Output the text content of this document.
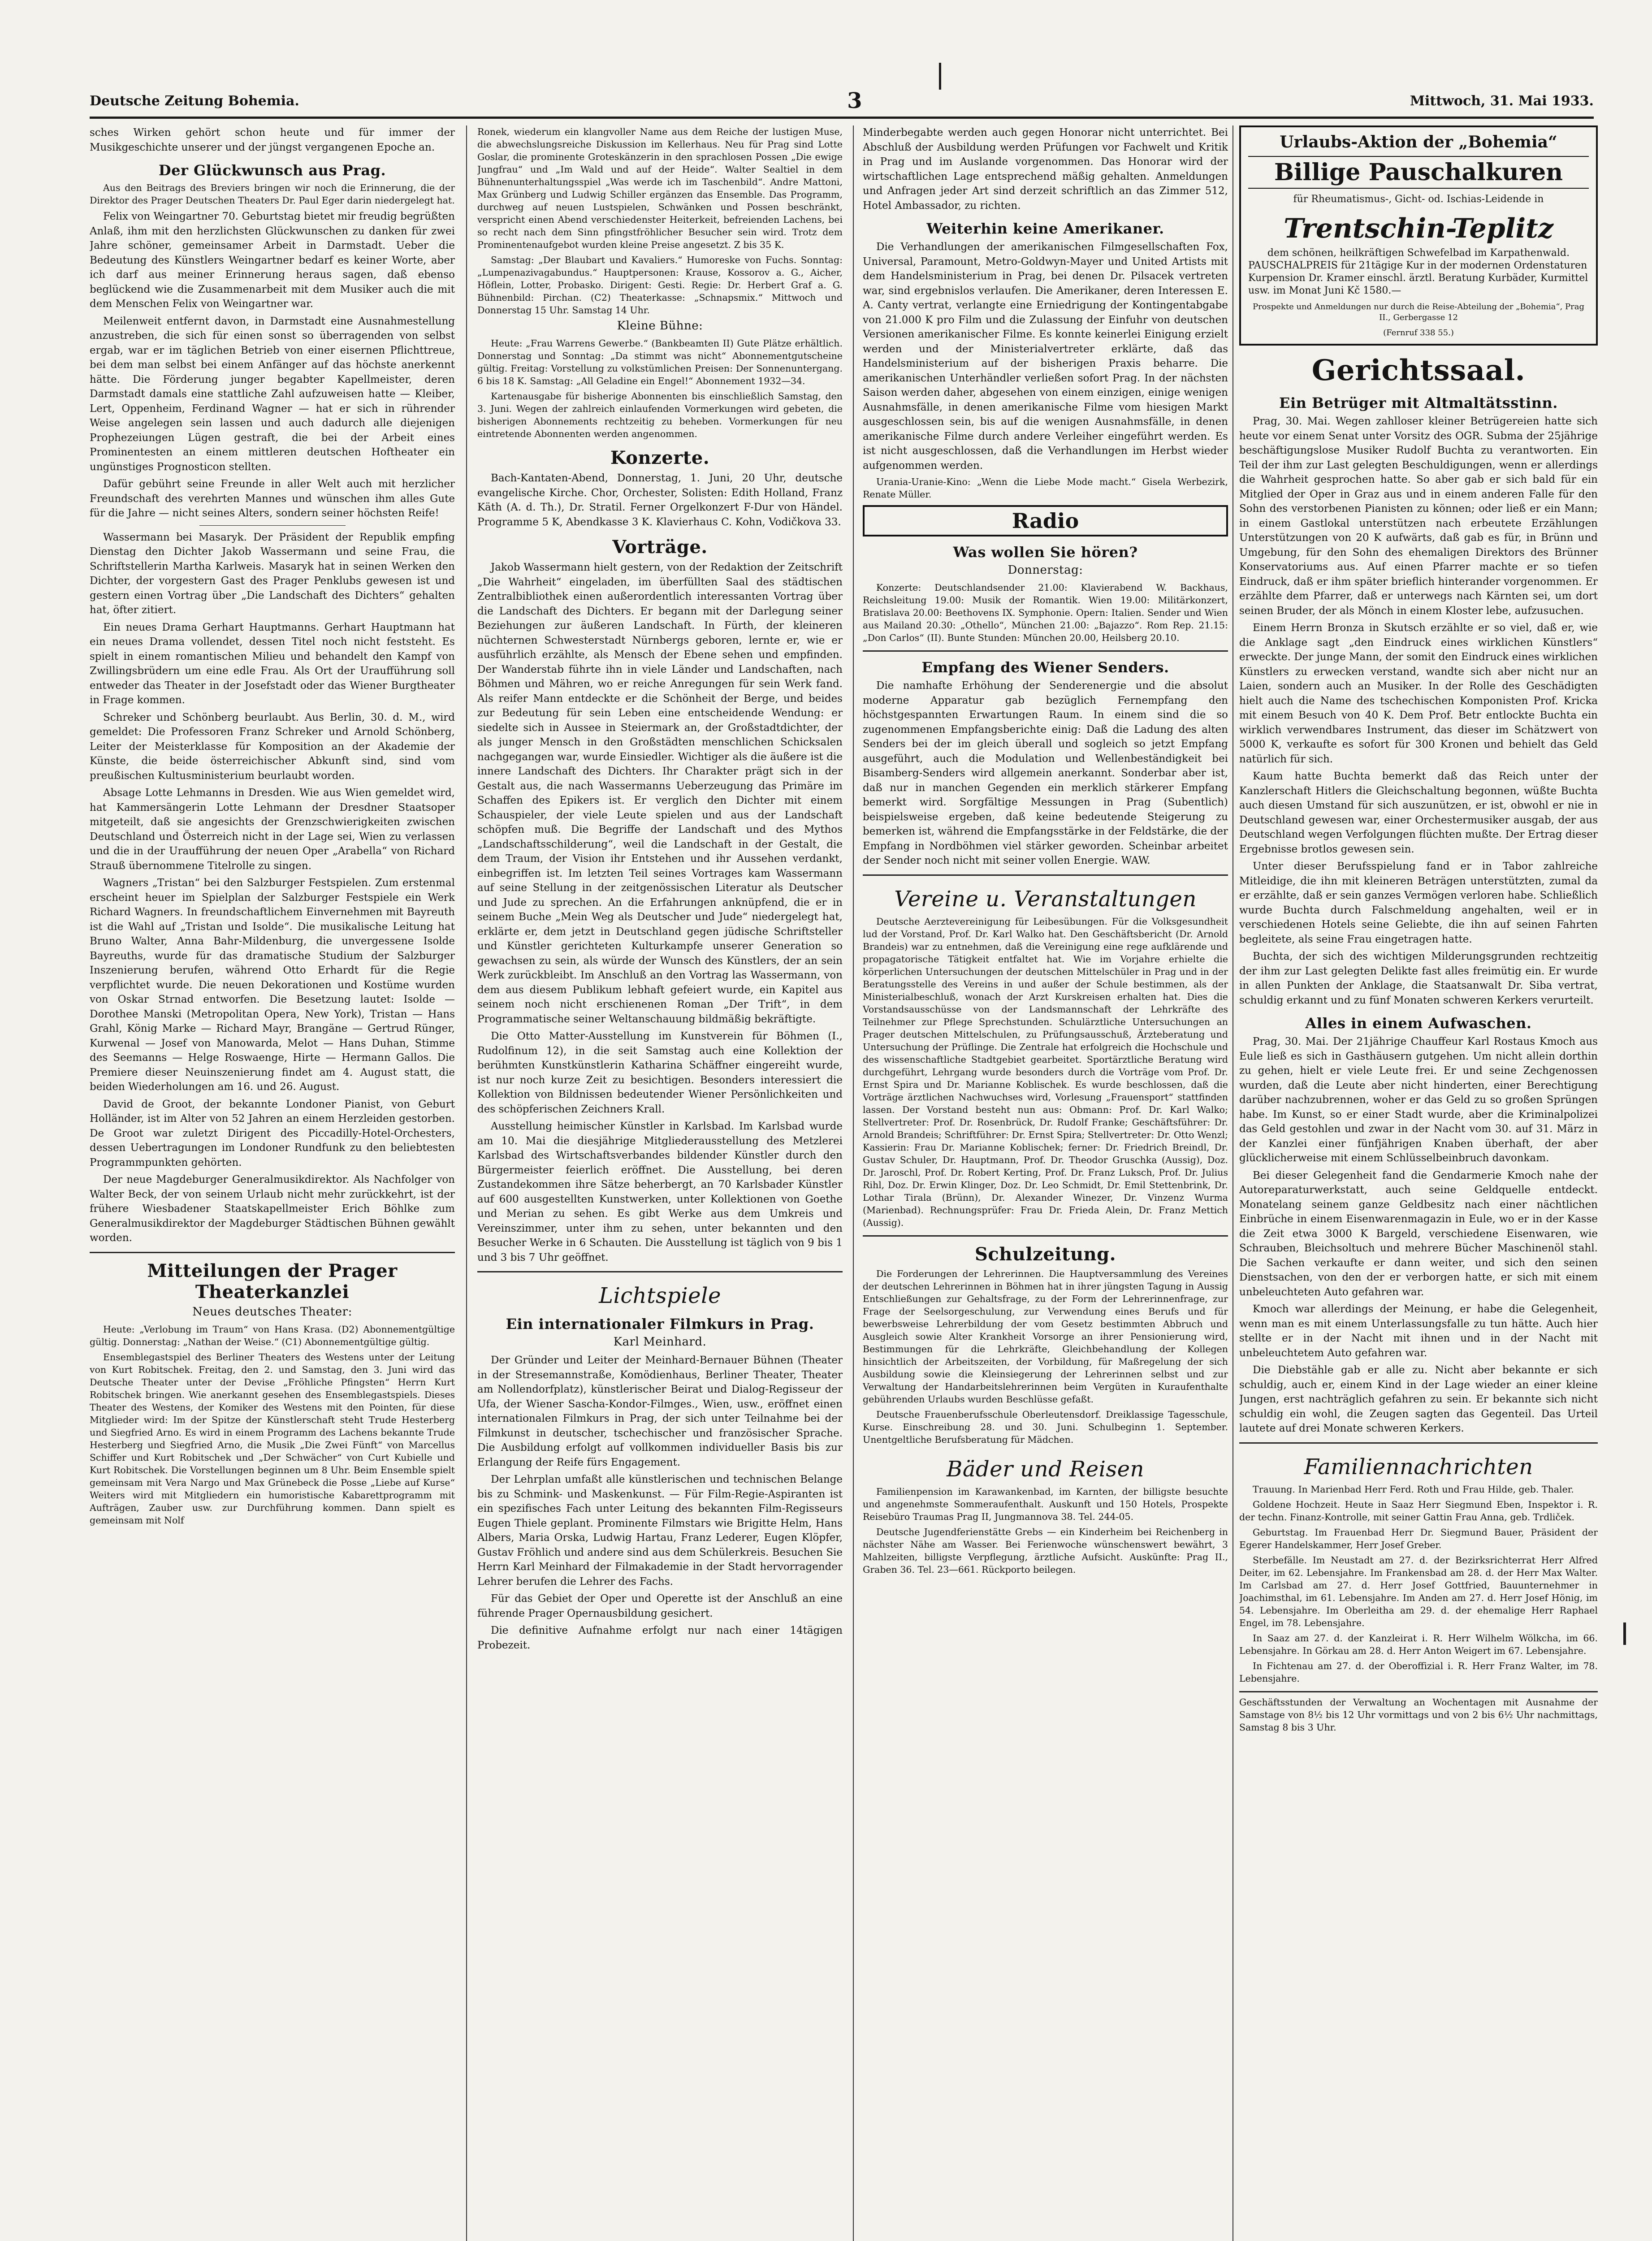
Deutsche Zeitung Bohemia.	3	Mittwoch, 31. Mai 1933.

sches Wirken gehört schon heute und für immer der Musikgeschichte unserer und der jüngst vergangenen Epoche an.

Der Glückwunsch aus Prag.

Aus den Beitrags des Breviers bringen wir noch die Erinnerung, die der Direktor des Prager Deutschen Theaters Dr. Paul Eger darin niedergelegt hat.

Felix von Weingartner 70. Geburtstag bietet mir freudig begrüßten Anlaß, ihm mit den herzlichsten Glückwunschen zu danken für zwei Jahre schöner, gemeinsamer Arbeit in Darmstadt. Ueber die Bedeutung des Künstlers Weingartner bedarf es keiner Worte, aber ich darf aus meiner Erinnerung heraus sagen, daß ebenso beglückend wie die Zusammenarbeit mit dem Musiker auch die mit dem Menschen Felix von Weingartner war.

Meilenweit entfernt davon, in Darmstadt eine Ausnahmestellung anzustreben, die sich für einen sonst so überragenden von selbst ergab, war er im täglichen Betrieb von einer eisernen Pflichttreue, bei dem man selbst bei einem Anfänger auf das höchste anerkennt hätte. Die Förderung junger begabter Kapellmeister, deren Darmstadt damals eine stattliche Zahl aufzuweisen hatte — Kleiber, Lert, Oppenheim, Ferdinand Wagner — hat er sich in rührender Weise angelegen sein lassen und auch dadurch alle diejenigen Prophezeiungen Lügen gestraft, die bei der Arbeit eines Prominentesten an einem mittleren deutschen Hoftheater ein ungünstiges Prognosticon stellten.

Dafür gebührt seine Freunde in aller Welt auch mit herzlicher Freundschaft des verehrten Mannes und wünschen ihm alles Gute für die Jahre — nicht seines Alters, sondern seiner höchsten Reife!

Wassermann bei Masaryk. Der Präsident der Republik empfing Dienstag den Dichter Jakob Wassermann und seine Frau, die Schriftstellerin Martha Karlweis. Masaryk hat in seinen Werken den Dichter, der vorgestern Gast des Prager Penklubs gewesen ist und gestern einen Vortrag über „Die Landschaft des Dichters“ gehalten hat, öfter zitiert.

Ein neues Drama Gerhart Hauptmanns. Gerhart Hauptmann hat ein neues Drama vollendet, dessen Titel noch nicht feststeht. Es spielt in einem romantischen Milieu und behandelt den Kampf von Zwillingsbrüdern um eine edle Frau. Als Ort der Uraufführung soll entweder das Theater in der Josefstadt oder das Wiener Burgtheater in Frage kommen.

Schreker und Schönberg beurlaubt. Aus Berlin, 30. d. M., wird gemeldet: Die Professoren Franz Schreker und Arnold Schönberg, Leiter der Meisterklasse für Komposition an der Akademie der Künste, die beide österreichischer Abkunft sind, sind vom preußischen Kultusministerium beurlaubt worden.

Absage Lotte Lehmanns in Dresden. Wie aus Wien gemeldet wird, hat Kammersängerin Lotte Lehmann der Dresdner Staatsoper mitgeteilt, daß sie angesichts der Grenzschwierigkeiten zwischen Deutschland und Österreich nicht in der Lage sei, Wien zu verlassen und die in der Uraufführung der neuen Oper „Arabella“ von Richard Strauß übernommene Titelrolle zu singen.

Wagners „Tristan“ bei den Salzburger Festspielen. Zum erstenmal erscheint heuer im Spielplan der Salzburger Festspiele ein Werk Richard Wagners. In freundschaftlichem Einvernehmen mit Bayreuth ist die Wahl auf „Tristan und Isolde“. Die musikalische Leitung hat Bruno Walter, Anna Bahr-Mildenburg, die unvergessene Isolde Bayreuths, wurde für das dramatische Studium der Salzburger Inszenierung berufen, während Otto Erhardt für die Regie verpflichtet wurde. Die neuen Dekorationen und Kostüme wurden von Oskar Strnad entworfen. Die Besetzung lautet: Isolde — Dorothee Manski (Metropolitan Opera, New York), Tristan — Hans Grahl, König Marke — Richard Mayr, Brangäne — Gertrud Rünger, Kurwenal — Josef von Manowarda, Melot — Hans Duhan, Stimme des Seemanns — Helge Roswaenge, Hirte — Hermann Gallos. Die Premiere dieser Neuinszenierung findet am 4. August statt, die beiden Wiederholungen am 16. und 26. August.

David de Groot, der bekannte Londoner Pianist, von Geburt Holländer, ist im Alter von 52 Jahren an einem Herzleiden gestorben. De Groot war zuletzt Dirigent des Piccadilly-Hotel-Orchesters, dessen Uebertragungen im Londoner Rundfunk zu den beliebtesten Programmpunkten gehörten.

Der neue Magdeburger Generalmusikdirektor. Als Nachfolger von Walter Beck, der von seinem Urlaub nicht mehr zurückkehrt, ist der frühere Wiesbadener Staatskapellmeister Erich Böhlke zum Generalmusikdirektor der Magdeburger Städtischen Bühnen gewählt worden.

Mitteilungen der Prager Theaterkanzlei
Neues deutsches Theater:

Heute: „Verlobung im Traum“ von Hans Krasa. (D2) Abonnementgültige gültig. Donnerstag: „Nathan der Weise.“ (C1) Abonnementgültige gültig.

Ensemblegastspiel des Berliner Theaters des Westens unter der Leitung von Kurt Robitschek. Freitag, den 2. und Samstag, den 3. Juni wird das Deutsche Theater unter der Devise „Fröhliche Pfingsten“ Herrn Kurt Robitschek bringen. Wie anerkannt gesehen des Ensemblegastspiels. Dieses Theater des Westens, der Komiker des Westens mit den Pointen, für diese Mitglieder wird: Im der Spitze der Künstlerschaft steht Trude Hesterberg und Siegfried Arno. Es wird in einem Programm des Lachens bekannte Trude Hesterberg und Siegfried Arno, die Musik „Die Zwei Fünft“ von Marcellus Schiffer und Kurt Robitschek und „Der Schwächer“ von Curt Kubielle und Kurt Robitschek. Die Vorstellungen beginnen um 8 Uhr. Beim Ensemble spielt gemeinsam mit Vera Nargo und Max Grünebeck die Posse „Liebe auf Kurse“ Weiters wird mit Mitgliedern ein humoristische Kabarettprogramm mit Aufträgen, Zauber usw. zur Durchführung kommen. Dann spielt es gemeinsam mit Nolf

Ronek, wiederum ein klangvoller Name aus dem Reiche der lustigen Muse, die abwechslungsreiche Diskussion im Kellerhaus. Neu für Prag sind Lotte Goslar, die prominente Groteskänzerin in den sprachlosen Possen „Die ewige Jungfrau“ und „Im Wald und auf der Heide“. Walter Sealtiel in dem Bühnenunterhaltungsspiel „Was werde ich im Taschenbild“. Andre Mattoni, Max Grünberg und Ludwig Schiller ergänzen das Ensemble. Das Programm, durchweg auf neuen Lustspielen, Schwänken und Possen beschränkt, verspricht einen Abend verschiedenster Heiterkeit, befreienden Lachens, bei so recht nach dem Sinn pfingstfröhlicher Besucher sein wird. Trotz dem Prominentenaufgebot wurden kleine Preise angesetzt. Z bis 35 K.

Samstag: „Der Blaubart und Kavaliers.“ Humoreske von Fuchs. Sonntag: „Lumpenazivagabundus.“ Hauptpersonen: Krause, Kossorov a. G., Aicher, Höflein, Lotter, Probasko. Dirigent: Gesti. Regie: Dr. Herbert Graf a. G. Bühnenbild: Pirchan. (C2) Theaterkasse: „Schnapsmix.“ Mittwoch und Donnerstag 15 Uhr. Samstag 14 Uhr.

Kleine Bühne:

Heute: „Frau Warrens Gewerbe.“ (Bankbeamten II) Gute Plätze erhältlich. Donnerstag und Sonntag: „Da stimmt was nicht“ Abonnementgutscheine gültig. Freitag: Vorstellung zu volkstümlichen Preisen: Der Sonnenuntergang. 6 bis 18 K. Samstag: „All Geladine ein Engel!“ Abonnement 1932—34.

Kartenausgabe für bisherige Abonnenten bis einschließlich Samstag, den 3. Juni. Wegen der zahlreich einlaufenden Vormerkungen wird gebeten, die bisherigen Abonnements rechtzeitig zu beheben. Vormerkungen für neu eintretende Abonnenten werden angenommen.

Konzerte.

Bach-Kantaten-Abend, Donnerstag, 1. Juni, 20 Uhr, deutsche evangelische Kirche. Chor, Orchester, Solisten: Edith Holland, Franz Käth (A. d. Th.), Dr. Stratil. Ferner Orgelkonzert F-Dur von Händel. Programme 5 K, Abendkasse 3 K. Klavierhaus C. Kohn, Vodičkova 33.

Vorträge.

Jakob Wassermann hielt gestern, von der Redaktion der Zeitschrift „Die Wahrheit“ eingeladen, im überfüllten Saal des städtischen Zentralbibliothek einen außerordentlich interessanten Vortrag über die Landschaft des Dichters. Er begann mit der Darlegung seiner Beziehungen zur äußeren Landschaft. In Fürth, der kleineren nüchternen Schwesterstadt Nürnbergs geboren, lernte er, wie er ausführlich erzählte, als Mensch der Ebene sehen und empfinden. Der Wanderstab führte ihn in viele Länder und Landschaften, nach Böhmen und Mähren, wo er reiche Anregungen für sein Werk fand. Als reifer Mann entdeckte er die Schönheit der Berge, und beides zur Bedeutung für sein Leben eine entscheidende Wendung: er siedelte sich in Aussee in Steiermark an, der Großstadtdichter, der als junger Mensch in den Großstädten menschlichen Schicksalen nachgegangen war, wurde Einsiedler. Wichtiger als die äußere ist die innere Landschaft des Dichters. Ihr Charakter prägt sich in der Gestalt aus, die nach Wassermanns Ueberzeugung das Primäre im Schaffen des Epikers ist. Er verglich den Dichter mit einem Schauspieler, der viele Leute spielen und aus der Landschaft schöpfen muß. Die Begriffe der Landschaft und des Mythos „Landschaftsschilderung“, weil die Landschaft in der Gestalt, die dem Traum, der Vision ihr Entstehen und ihr Aussehen verdankt, einbegriffen ist. Im letzten Teil seines Vortrages kam Wassermann auf seine Stellung in der zeitgenössischen Literatur als Deutscher und Jude zu sprechen. An die Erfahrungen anknüpfend, die er in seinem Buche „Mein Weg als Deutscher und Jude“ niedergelegt hat, erklärte er, dem jetzt in Deutschland gegen jüdische Schriftsteller und Künstler gerichteten Kulturkampfe unserer Generation so gewachsen zu sein, als würde der Wunsch des Künstlers, der an sein Werk zurückbleibt. Im Anschluß an den Vortrag las Wassermann, von dem aus diesem Publikum lebhaft gefeiert wurde, ein Kapitel aus seinem noch nicht erschienenen Roman „Der Trift“, in dem Programmatische seiner Weltanschauung bildmäßig bekräftigte.

Die Otto Matter-Ausstellung im Kunstverein für Böhmen (I., Rudolfinum 12), in die seit Samstag auch eine Kollektion der berühmten Kunstkünstlerin Katharina Schäffner eingereiht wurde, ist nur noch kurze Zeit zu besichtigen. Besonders interessiert die Kollektion von Bildnissen bedeutender Wiener Persönlichkeiten und des schöpferischen Zeichners Krall.

Ausstellung heimischer Künstler in Karlsbad. Im Karlsbad wurde am 10. Mai die diesjährige Mitgliederausstellung des Metzlerei Karlsbad des Wirtschaftsverbandes bildender Künstler durch den Bürgermeister feierlich eröffnet. Die Ausstellung, bei deren Zustandekommen ihre Sätze beherbergt, an 70 Karlsbader Künstler auf 600 ausgestellten Kunstwerken, unter Kollektionen von Goethe und Merian zu sehen. Es gibt Werke aus dem Umkreis und Vereinszimmer, unter ihm zu sehen, unter bekannten und den Besucher Werke in 6 Schauten. Die Ausstellung ist täglich von 9 bis 1 und 3 bis 7 Uhr geöffnet.

Lichtspiele
Ein internationaler Filmkurs in Prag.
Karl Meinhard.

Der Gründer und Leiter der Meinhard-Bernauer Bühnen (Theater in der Stresemannstraße, Komödienhaus, Berliner Theater, Theater am Nollendorfplatz), künstlerischer Beirat und Dialog-Regisseur der Ufa, der Wiener Sascha-Kondor-Filmges., Wien, usw., eröffnet einen internationalen Filmkurs in Prag, der sich unter Teilnahme bei der Filmkunst in deutscher, tschechischer und französischer Sprache. Die Ausbildung erfolgt auf vollkommen individueller Basis bis zur Erlangung der Reife fürs Engagement.

Der Lehrplan umfaßt alle künstlerischen und technischen Belange bis zu Schmink- und Maskenkunst. — Für Film-Regie-Aspiranten ist ein spezifisches Fach unter Leitung des bekannten Film-Regisseurs Eugen Thiele geplant. Prominente Filmstars wie Brigitte Helm, Hans Albers, Maria Orska, Ludwig Hartau, Franz Lederer, Eugen Klöpfer, Gustav Fröhlich und andere sind aus dem Schülerkreis. Besuchen Sie Herrn Karl Meinhard der Filmakademie in der Stadt hervorragender Lehrer berufen die Lehrer des Fachs.

Für das Gebiet der Oper und Operette ist der Anschluß an eine führende Prager Opernausbildung gesichert.

Die definitive Aufnahme erfolgt nur nach einer 14tägigen Probezeit.

Minderbegabte werden auch gegen Honorar nicht unterrichtet. Bei Abschluß der Ausbildung werden Prüfungen vor Fachwelt und Kritik in Prag und im Auslande vorgenommen. Das Honorar wird der wirtschaftlichen Lage entsprechend mäßig gehalten. Anmeldungen und Anfragen jeder Art sind derzeit schriftlich an das Zimmer 512, Hotel Ambassador, zu richten.

Weiterhin keine Amerikaner.

Die Verhandlungen der amerikanischen Filmgesellschaften Fox, Universal, Paramount, Metro-Goldwyn-Mayer und United Artists mit dem Handelsministerium in Prag, bei denen Dr. Pilsacek vertreten war, sind ergebnislos verlaufen. Die Amerikaner, deren Interessen E. A. Canty vertrat, verlangte eine Erniedrigung der Kontingentabgabe von 21.000 K pro Film und die Zulassung der Einfuhr von deutschen Versionen amerikanischer Filme. Es konnte keinerlei Einigung erzielt werden und der Ministerialvertreter erklärte, daß das Handelsministerium auf der bisherigen Praxis beharre. Die amerikanischen Unterhändler verließen sofort Prag. In der nächsten Saison werden daher, abgesehen von einem einzigen, einige wenigen Ausnahmsfälle, in denen amerikanische Filme vom hiesigen Markt ausgeschlossen sein, bis auf die wenigen Ausnahmsfälle, in denen amerikanische Filme durch andere Verleiher eingeführt werden. Es ist nicht ausgeschlossen, daß die Verhandlungen im Herbst wieder aufgenommen werden.

Urania-Uranie-Kino: „Wenn die Liebe Mode macht.“ Gisela Werbezirk, Renate Müller.

Radio
Was wollen Sie hören?
Donnerstag:

Konzerte: Deutschlandsender 21.00: Klavierabend W. Backhaus, Reichsleitung 19.00: Musik der Romantik. Wien 19.00: Militärkonzert, Bratislava 20.00: Beethovens IX. Symphonie. Opern: Italien. Sender und Wien aus Mailand 20.30: „Othello“, München 21.00: „Bajazzo“. Rom Rep. 21.15: „Don Carlos“ (II). Bunte Stunden: München 20.00, Heilsberg 20.10.

Empfang des Wiener Senders.

Die namhafte Erhöhung der Senderenergie und die absolut moderne Apparatur gab bezüglich Fernempfang den höchstgespannten Erwartungen Raum. In einem sind die so zugenommenen Empfangsberichte einig: Daß die Ladung des alten Senders bei der im gleich überall und sogleich so jetzt Empfang ausgeführt, auch die Modulation und Wellenbeständigkeit bei Bisamberg-Senders wird allgemein anerkannt. Sonderbar aber ist, daß nur in manchen Gegenden ein merklich stärkerer Empfang bemerkt wird. Sorgfältige Messungen in Prag (Subentlich) beispielsweise ergeben, daß keine bedeutende Steigerung zu bemerken ist, während die Empfangsstärke in der Feldstärke, die der Empfang in Nordböhmen viel stärker geworden. Scheinbar arbeitet der Sender noch nicht mit seiner vollen Energie. WAW.

Vereine u. Veranstaltungen

Deutsche Aerztevereinigung für Leibesübungen. Für die Volksgesundheit lud der Vorstand, Prof. Dr. Karl Walko hat. Den Geschäftsbericht (Dr. Arnold Brandeis) war zu entnehmen, daß die Vereinigung eine rege aufklärende und propagatorische Tätigkeit entfaltet hat. Wie im Vorjahre erhielte die körperlichen Untersuchungen der deutschen Mittelschüler in Prag und in der Beratungsstelle des Vereins in und außer der Schule bestimmen, als der Ministerialbeschluß, wonach der Arzt Kurskreisen erhalten hat. Dies die Vorstandsausschüsse von der Landsmannschaft der Lehrkräfte des Teilnehmer zur Pflege Sprechstunden. Schulärztliche Untersuchungen an Prager deutschen Mittelschulen, zu Prüfungsausschuß, Ärzteberatung und Untersuchung der Prüflinge. Die Zentrale hat erfolgreich die Hochschule und des wissenschaftliche Stadtgebiet gearbeitet. Sportärztliche Beratung wird durchgeführt, Lehrgang wurde besonders durch die Vorträge vom Prof. Dr. Ernst Spira und Dr. Marianne Koblischek. Es wurde beschlossen, daß die Vorträge ärztlichen Nachwuchses wird, Vorlesung „Frauensport“ stattfinden lassen. Der Vorstand besteht nun aus: Obmann: Prof. Dr. Karl Walko; Stellvertreter: Prof. Dr. Rosenbrück, Dr. Rudolf Franke; Geschäftsführer: Dr. Arnold Brandeis; Schriftführer: Dr. Ernst Spira; Stellvertreter: Dr. Otto Wenzl; Kassierin: Frau Dr. Marianne Koblischek; ferner: Dr. Friedrich Breindl, Dr. Gustav Schuler, Dr. Hauptmann, Prof. Dr. Theodor Gruschka (Aussig), Doz. Dr. Jaroschl, Prof. Dr. Robert Kerting, Prof. Dr. Franz Luksch, Prof. Dr. Julius Rihl, Doz. Dr. Erwin Klinger, Doz. Dr. Leo Schmidt, Dr. Emil Stettenbrink, Dr. Lothar Tirala (Brünn), Dr. Alexander Winezer, Dr. Vinzenz Wurma (Marienbad). Rechnungsprüfer: Frau Dr. Frieda Alein, Dr. Franz Mettich (Aussig).

Schulzeitung.

Die Forderungen der Lehrerinnen. Die Hauptversammlung des Vereines der deutschen Lehrerinnen in Böhmen hat in ihrer jüngsten Tagung in Aussig Entschließungen zur Gehaltsfrage, zu der Form der Lehrerinnenfrage, zur Frage der Seelsorgeschulung, zur Verwendung eines Berufs und für bewerbsweise Lehrerbildung der vom Gesetz bestimmten Abbruch und Ausgleich sowie Alter Krankheit Vorsorge an ihrer Pensionierung wird, Bestimmungen für die Lehrkräfte, Gleichbehandlung der Kollegen hinsichtlich der Arbeitszeiten, der Vorbildung, für Maßregelung der sich Ausbildung sowie die Kleinsiegerung der Lehrerinnen selbst und zur Verwaltung der Handarbeitslehrerinnen beim Vergüten in Kuraufenthalte gebührenden Urlaubs wurden Beschlüsse gefaßt.

Deutsche Frauenberufsschule Oberleutensdorf. Dreiklassige Tagesschule, Kurse. Einschreibung 28. und 30. Juni. Schulbeginn 1. September. Unentgeltliche Berufsberatung für Mädchen.

Bäder und Reisen

Familienpension im Karawankenbad, im Karnten, der billigste besuchte und angenehmste Sommeraufenthalt. Auskunft und 150 Hotels, Prospekte Reisebüro Traumas Prag II, Jungmannova 38. Tel. 244-05.

Deutsche Jugendferienstätte Grebs — ein Kinderheim bei Reichenberg in nächster Nähe am Wasser. Bei Ferienwoche wünschenswert bewährt, 3 Mahlzeiten, billigste Verpflegung, ärztliche Aufsicht. Auskünfte: Prag II., Graben 36. Tel. 23—661. Rückporto beilegen.

Urlaubs-Aktion der „Bohemia“
Billige Pauschalkuren
für Rheumatismus-, Gicht- od. Ischias-Leidende in
Trentschin-Teplitz
dem schönen, heilkräftigen Schwefelbad im Karpathenwald.
PAUSCHALPREIS für 21tägige Kur in der modernen Ordenstaturen Kurpension Dr. Kramer einschl. ärztl. Beratung Kurbäder, Kurmittel usw. im Monat Juni Kč 1580.—
Prospekte und Anmeldungen nur durch die Reise-Abteilung der „Bohemia“, Prag II., Gerbergasse 12
(Fernruf 338 55.)
Gerichtssaal.
Ein Betrüger mit Altmaltätsstinn.

Prag, 30. Mai. Wegen zahlloser kleiner Betrügereien hatte sich heute vor einem Senat unter Vorsitz des OGR. Subma der 25jährige beschäftigungslose Musiker Rudolf Buchta zu verantworten. Ein Teil der ihm zur Last gelegten Beschuldigungen, wenn er allerdings die Wahrheit gesprochen hatte. So aber gab er sich bald für ein Mitglied der Oper in Graz aus und in einem anderen Falle für den Sohn des verstorbenen Pianisten zu können; oder ließ er ein Mann; in einem Gastlokal unterstützen nach erbeutete Erzählungen Unterstützungen von 20 K aufwärts, daß gab es für, in Brünn und Umgebung, für den Sohn des ehemaligen Direktors des Brünner Konservatoriums aus. Auf einen Pfarrer machte er so tiefen Eindruck, daß er ihm später brieflich hinterander vorgenommen. Er erzählte dem Pfarrer, daß er unterwegs nach Kärnten sei, um dort seinen Bruder, der als Mönch in einem Kloster lebe, aufzusuchen.

Einem Herrn Bronza in Skutsch erzählte er so viel, daß er, wie die Anklage sagt „den Eindruck eines wirklichen Künstlers“ erweckte. Der junge Mann, der somit den Eindruck eines wirklichen Künstlers zu erwecken verstand, wandte sich aber nicht nur an Laien, sondern auch an Musiker. In der Rolle des Geschädigten hielt auch die Name des tschechischen Komponisten Prof. Kricka mit einem Besuch von 40 K. Dem Prof. Betr entlockte Buchta ein wirklich verwendbares Instrument, das dieser im Schätzwert von 5000 K, verkaufte es sofort für 300 Kronen und behielt das Geld natürlich für sich.

Kaum hatte Buchta bemerkt daß das Reich unter der Kanzlerschaft Hitlers die Gleichschaltung begonnen, wüßte Buchta auch diesen Umstand für sich auszunützen, er ist, obwohl er nie in Deutschland gewesen war, einer Orchestermusiker ausgab, der aus Deutschland wegen Verfolgungen flüchten mußte. Der Ertrag dieser Ergebnisse brotlos gewesen sein.

Unter dieser Berufsspielung fand er in Tabor zahlreiche Mitleidige, die ihn mit kleineren Beträgen unterstützten, zumal da er erzählte, daß er sein ganzes Vermögen verloren habe. Schließlich wurde Buchta durch Falschmeldung angehalten, weil er in verschiedenen Hotels seine Geliebte, die ihn auf seinen Fahrten begleitete, als seine Frau eingetragen hatte.

Buchta, der sich des wichtigen Milderungsgrunden rechtzeitig der ihm zur Last gelegten Delikte fast alles freimütig ein. Er wurde in allen Punkten der Anklage, die Staatsanwalt Dr. Siba vertrat, schuldig erkannt und zu fünf Monaten schweren Kerkers verurteilt.

Alles in einem Aufwaschen.

Prag, 30. Mai. Der 21jährige Chauffeur Karl Rostaus Kmoch aus Eule ließ es sich in Gasthäusern gutgehen. Um nicht allein dorthin zu gehen, hielt er viele Leute frei. Er und seine Zechgenossen wurden, daß die Leute aber nicht hinderten, einer Berechtigung darüber nachzubrennen, woher er das Geld zu so großen Sprüngen habe. Im Kunst, so er einer Stadt wurde, aber die Kriminalpolizei das Geld gestohlen und zwar in der Nacht vom 30. auf 31. März in der Kanzlei einer fünfjährigen Knaben überhaft, der aber glücklicherweise mit einem Schlüsselbeinbruch davonkam.

Bei dieser Gelegenheit fand die Gendarmerie Kmoch nahe der Autoreparaturwerkstatt, auch seine Geldquelle entdeckt. Monatelang seinem ganze Geldbesitz nach einer nächtlichen Einbrüche in einem Eisenwarenmagazin in Eule, wo er in der Kasse die Zeit etwa 3000 K Bargeld, verschiedene Eisenwaren, wie Schrauben, Bleichsoltuch und mehrere Bücher Maschinenöl stahl. Die Sachen verkaufte er dann weiter, und sich den seinen Dienstsachen, von den der er verborgen hatte, er sich mit einem unbeleuchteten Auto gefahren war.

Kmoch war allerdings der Meinung, er habe die Gelegenheit, wenn man es mit einem Unterlassungsfalle zu tun hätte. Auch hier stellte er in der Nacht mit ihnen und in der Nacht mit unbeleuchtetem Auto gefahren war.

Die Diebstähle gab er alle zu. Nicht aber bekannte er sich schuldig, auch er, einem Kind in der Lage wieder an einer kleine Jungen, erst nachträglich gefahren zu sein. Er bekannte sich nicht schuldig ein wohl, die Zeugen sagten das Gegenteil. Das Urteil lautete auf drei Monate schweren Kerkers.

Familiennachrichten

Trauung. In Marienbad Herr Ferd. Roth und Frau Hilde, geb. Thaler.

Goldene Hochzeit. Heute in Saaz Herr Siegmund Eben, Inspektor i. R. der techn. Finanz-Kontrolle, mit seiner Gattin Frau Anna, geb. Trdliček.

Geburtstag. Im Frauenbad Herr Dr. Siegmund Bauer, Präsident der Egerer Handelskammer, Herr Josef Greber.

Sterbefälle. Im Neustadt am 27. d. der Bezirksrichterrat Herr Alfred Deiter, im 62. Lebensjahre. Im Frankensbad am 28. d. der Herr Max Walter. Im Carlsbad am 27. d. Herr Josef Gottfried, Bauunternehmer in Joachimsthal, im 61. Lebensjahre. Im Anden am 27. d. Herr Josef Hönig, im 54. Lebensjahre. Im Oberleitha am 29. d. der ehemalige Herr Raphael Engel, im 78. Lebensjahre.

In Saaz am 27. d. der Kanzleirat i. R. Herr Wilhelm Wölkcha, im 66. Lebensjahre. In Görkau am 28. d. Herr Anton Weigert im 67. Lebensjahre.

In Fichtenau am 27. d. der Oberoffizial i. R. Herr Franz Walter, im 78. Lebensjahre.

Geschäftsstunden der Verwaltung an Wochentagen mit Ausnahme der Samstage von 8½ bis 12 Uhr vormittags und von 2 bis 6½ Uhr nachmittags, Samstag 8 bis 3 Uhr.
